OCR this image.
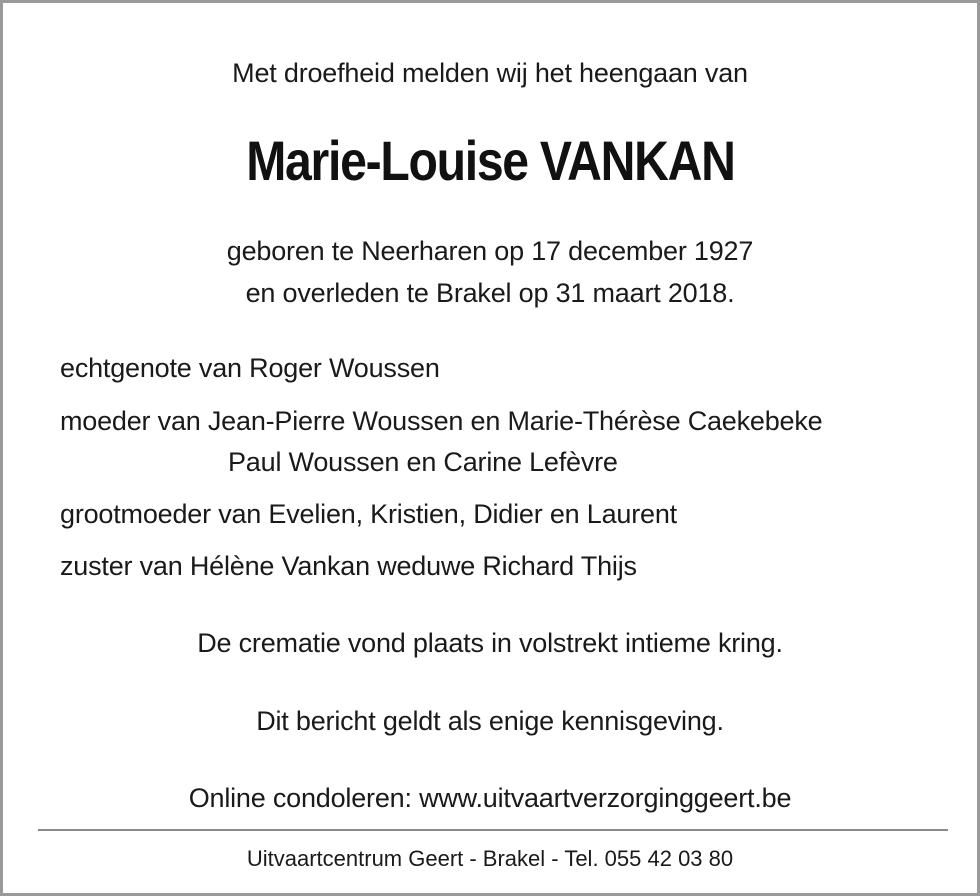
Met droefheid melden wij het heengaan van
Marie-Louise VANKAN
geboren te Neerharen op 17 december 1927
en overleden te Brakel op 31 maart 2018.
echtgenote van Roger Woussen
moeder van Jean-Pierre Woussen en Marie-Thérèse Caekebeke
Paul Woussen en Carine Lefèvre
grootmoeder van Evelien, Kristien, Didier en Laurent
zuster van Hélène Vankan weduwe Richard Thijs
De crematie vond plaats in volstrekt intieme kring.
Dit bericht geldt als enige kennisgeving.
Online condoleren: www.uitvaartverzorginggeert.be
Uitvaartcentrum Geert - Brakel - Tel. 055 42 03 80
